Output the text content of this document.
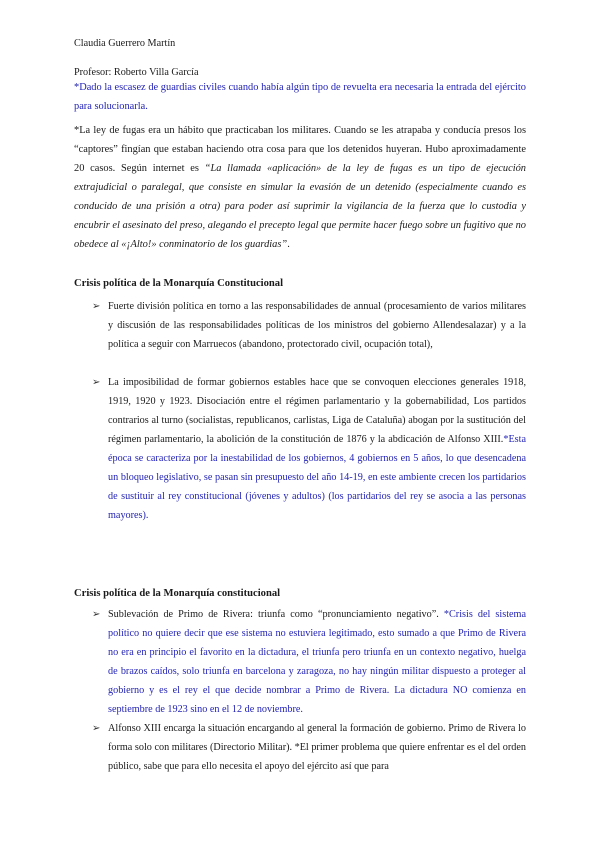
Claudia Guerrero Martín
Profesor: Roberto Villa García

*Dado la escasez de guardias civiles cuando había algún tipo de revuelta era necesaria la entrada del ejército para solucionarla.

*La ley de fugas era un hábito que practicaban los militares. Cuando se les atrapaba y conducía presos los “captores” fingían que estaban haciendo otra cosa para que los detenidos huyeran. Hubo aproximadamente 20 casos. Según internet es “La llamada «aplicación» de la ley de fugas es un tipo de ejecución extrajudicial o paralegal, que consiste en simular la evasión de un detenido (especialmente cuando es conducido de una prisión a otra) para poder así suprimir la vigilancia de la fuerza que lo custodia y encubrir el asesinato del preso, alegando el precepto legal que permite hacer fuego sobre un fugitivo que no obedece al «¡Alto!» conminatorio de los guardias”.

Crisis política de la Monarquía Constitucional
➢ Fuerte división política en torno a las responsabilidades de annual (procesamiento de varios militares y discusión de las responsabilidades políticas de los ministros del gobierno Allendesalazar) y a la política a seguir con Marruecos (abandono, protectorado civil, ocupación total),

➢ La imposibilidad de formar gobiernos estables hace que se convoquen elecciones generales 1918, 1919, 1920 y 1923. Disociación entre el régimen parlamentario y la gobernabilidad, Los partidos contrarios al turno (socialistas, republicanos, carlistas, Liga de Cataluña) abogan por la sustitución del régimen parlamentario, la abolición de la constitución de 1876 y la abdicación de Alfonso XIII.*Esta época se caracteriza por la inestabilidad de los gobiernos, 4 gobiernos en 5 años, lo que desencadena un bloqueo legislativo, se pasan sin presupuesto del año 14-19, en este ambiente crecen los partidarios de sustituir al rey constitucional (jóvenes y adultos) (los partidarios del rey se asocia a las personas mayores).

Crisis política de la Monarquía constitucional
➢ Sublevación de Primo de Rivera: triunfa como “pronunciamiento negativo”. *Crisis del sistema político no quiere decir que ese sistema no estuviera legitimado, esto sumado a que Primo de Rivera no era en principio el favorito en la dictadura, el triunfa pero triunfa en un contexto negativo, huelga de brazos caídos, solo triunfa en barcelona y zaragoza, no hay ningún militar dispuesto a proteger al gobierno y es el rey el que decide nombrar a Primo de Rivera. La dictadura NO comienza en septiembre de 1923 sino en el 12 de noviembre.

➢ Alfonso XIII encarga la situación encargando al general la formación de gobierno. Primo de Rivera lo forma solo con militares (Directorio Militar). *El primer problema que quiere enfrentar es el del orden público, sabe que para ello necesita el apoyo del ejército así que para
